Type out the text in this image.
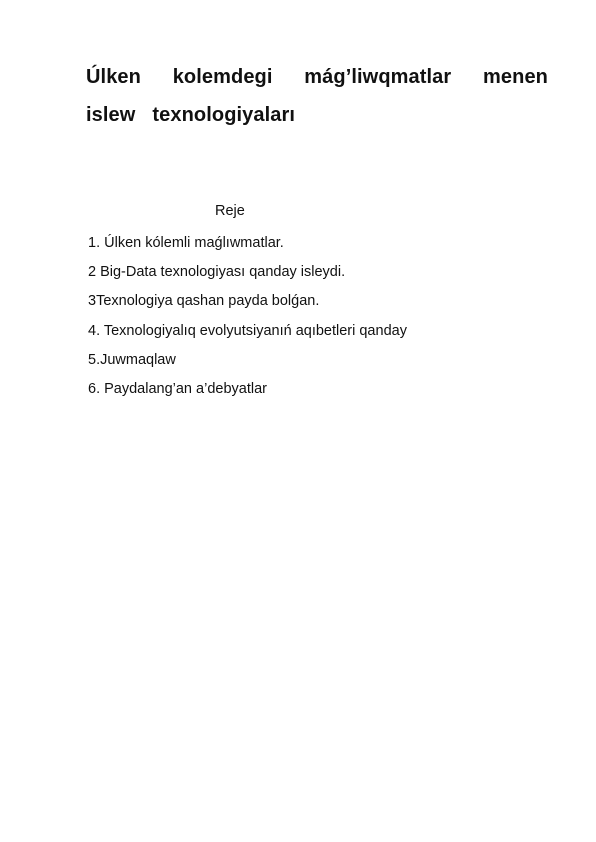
Úlken kolemdegi mág’liwqmatlar menen
islew   texnologiyaları
Reje
1. Úlken kólemli maǵlıwmatlar.
2 Big-Data texnologiyası qanday isleydi.
3Texnologiya qashan payda bolǵan.
4. Texnologiyalıq evolyutsiyanıń aqıbetleri qanday
5.Juwmaqlaw
6. Paydalang’an a’debyatlar
